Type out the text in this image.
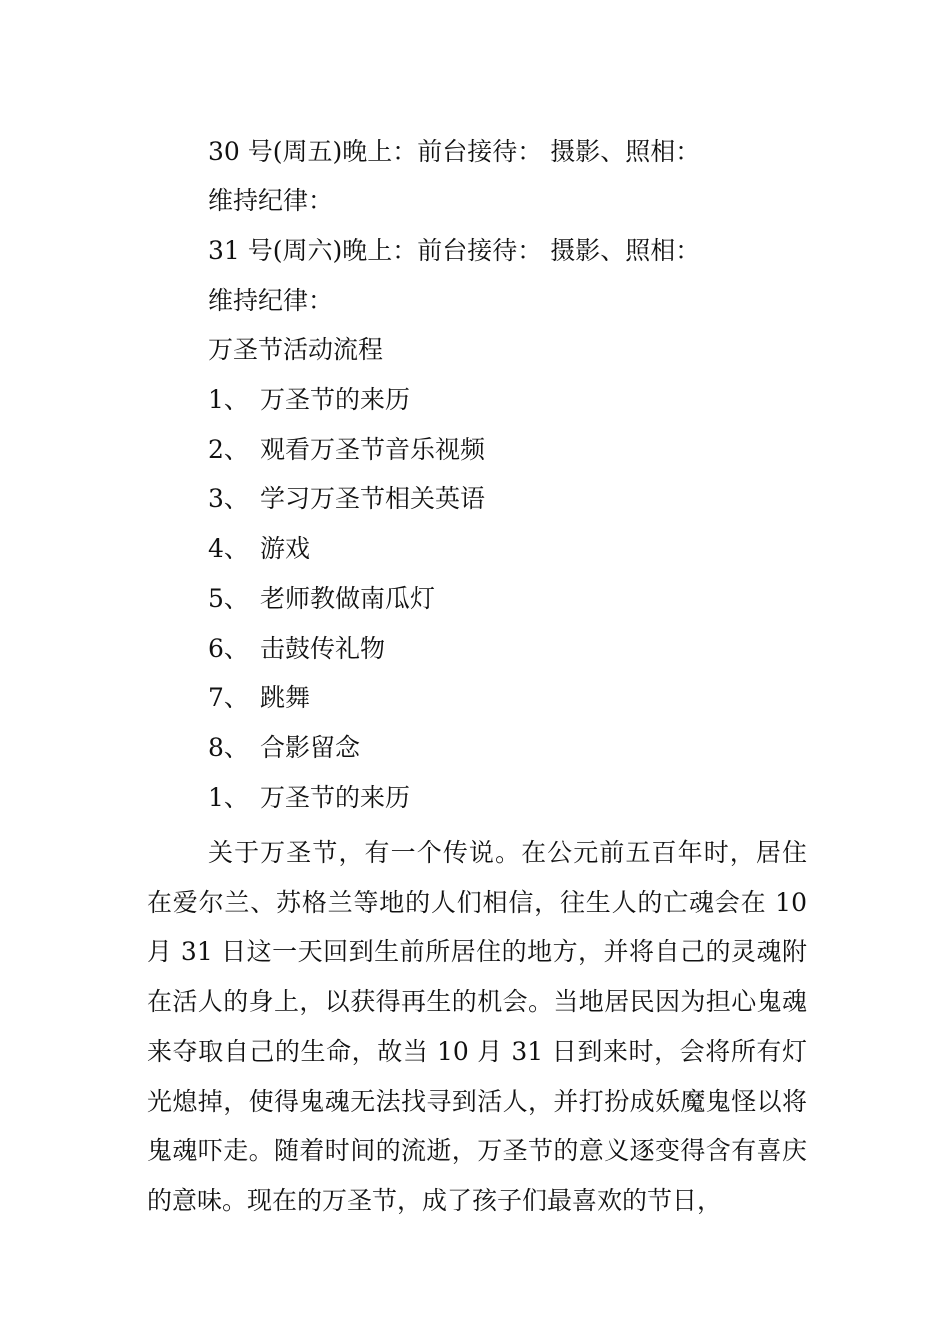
30 号(周五)晚上：前台接待： 摄影、照相：
维持纪律：
31 号(周六)晚上：前台接待： 摄影、照相：
维持纪律：
万圣节活动流程
1、 万圣节的来历
2、 观看万圣节音乐视频
3、 学习万圣节相关英语
4、 游戏
5、 老师教做南瓜灯
6、 击鼓传礼物
7、 跳舞
8、 合影留念
1、 万圣节的来历

关于万圣节，有一个传说。在公元前五百年时，居住在爱尔兰、苏格兰等地的人们相信，往生人的亡魂会在 10 月 31 日这一天回到生前所居住的地方，并将自己的灵魂附在活人的身上，以获得再生的机会。当地居民因为担心鬼魂来夺取自己的生命，故当 10 月 31 日到来时，会将所有灯光熄掉，使得鬼魂无法找寻到活人，并打扮成妖魔鬼怪以将鬼魂吓走。随着时间的流逝，万圣节的意义逐变得含有喜庆的意味。现在的万圣节，成了孩子们最喜欢的节日，
